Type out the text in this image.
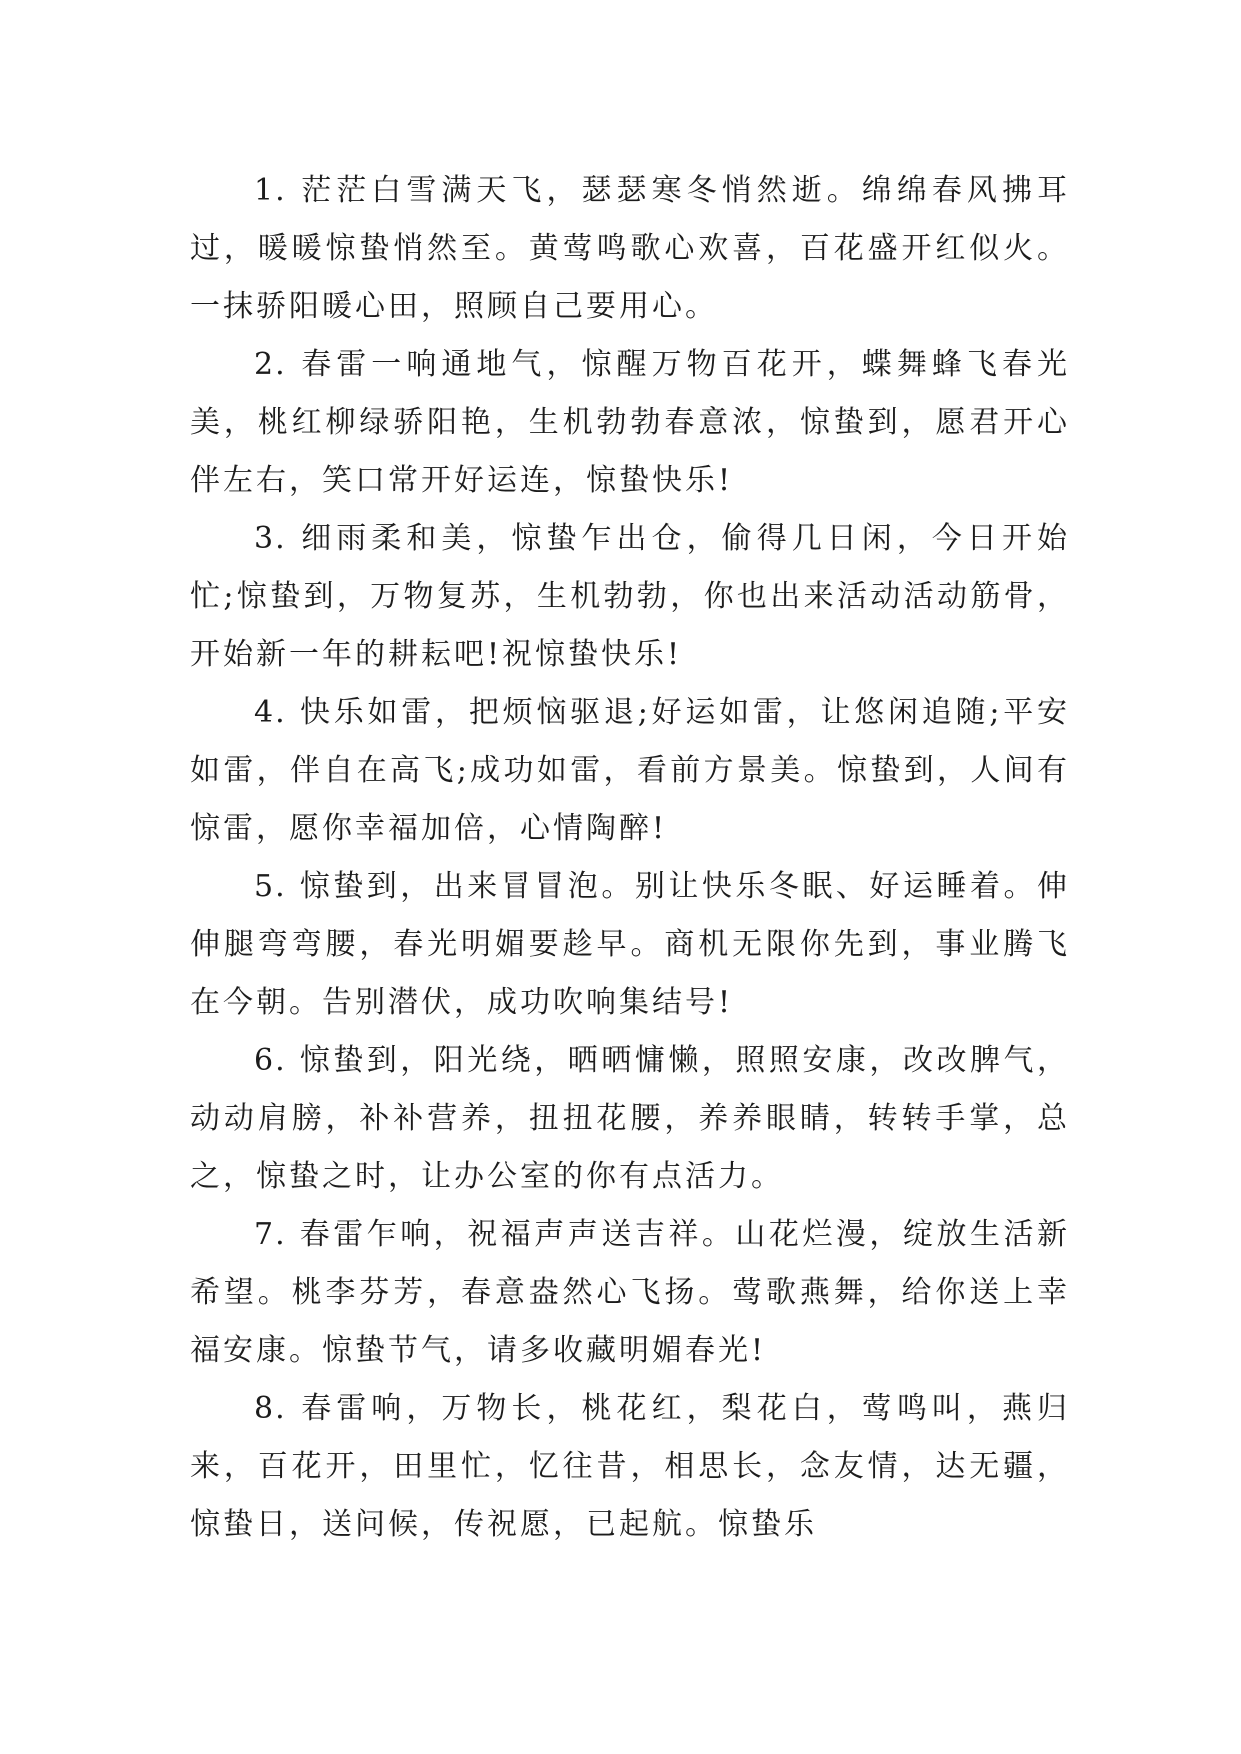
1. 茫茫白雪满天飞，瑟瑟寒冬悄然逝。绵绵春风拂耳过，暖暖惊蛰悄然至。黄莺鸣歌心欢喜，百花盛开红似火。一抹骄阳暖心田，照顾自己要用心。

2. 春雷一响通地气，惊醒万物百花开，蝶舞蜂飞春光美，桃红柳绿骄阳艳，生机勃勃春意浓，惊蛰到，愿君开心伴左右，笑口常开好运连，惊蛰快乐!

3. 细雨柔和美，惊蛰乍出仓，偷得几日闲，今日开始忙;惊蛰到，万物复苏，生机勃勃，你也出来活动活动筋骨，开始新一年的耕耘吧!祝惊蛰快乐!

4. 快乐如雷，把烦恼驱退;好运如雷，让悠闲追随;平安如雷，伴自在高飞;成功如雷，看前方景美。惊蛰到，人间有惊雷，愿你幸福加倍，心情陶醉!

5. 惊蛰到，出来冒冒泡。别让快乐冬眠、好运睡着。伸伸腿弯弯腰，春光明媚要趁早。商机无限你先到，事业腾飞在今朝。告别潜伏，成功吹响集结号!

6. 惊蛰到，阳光绕，晒晒慵懒，照照安康，改改脾气，动动肩膀，补补营养，扭扭花腰，养养眼睛，转转手掌，总之，惊蛰之时，让办公室的你有点活力。

7. 春雷乍响，祝福声声送吉祥。山花烂漫，绽放生活新希望。桃李芬芳，春意盎然心飞扬。莺歌燕舞，给你送上幸福安康。惊蛰节气，请多收藏明媚春光!

8. 春雷响，万物长，桃花红，梨花白，莺鸣叫，燕归来，百花开，田里忙，忆往昔，相思长，念友情，达无疆，惊蛰日，送问候，传祝愿，已起航。惊蛰乐
